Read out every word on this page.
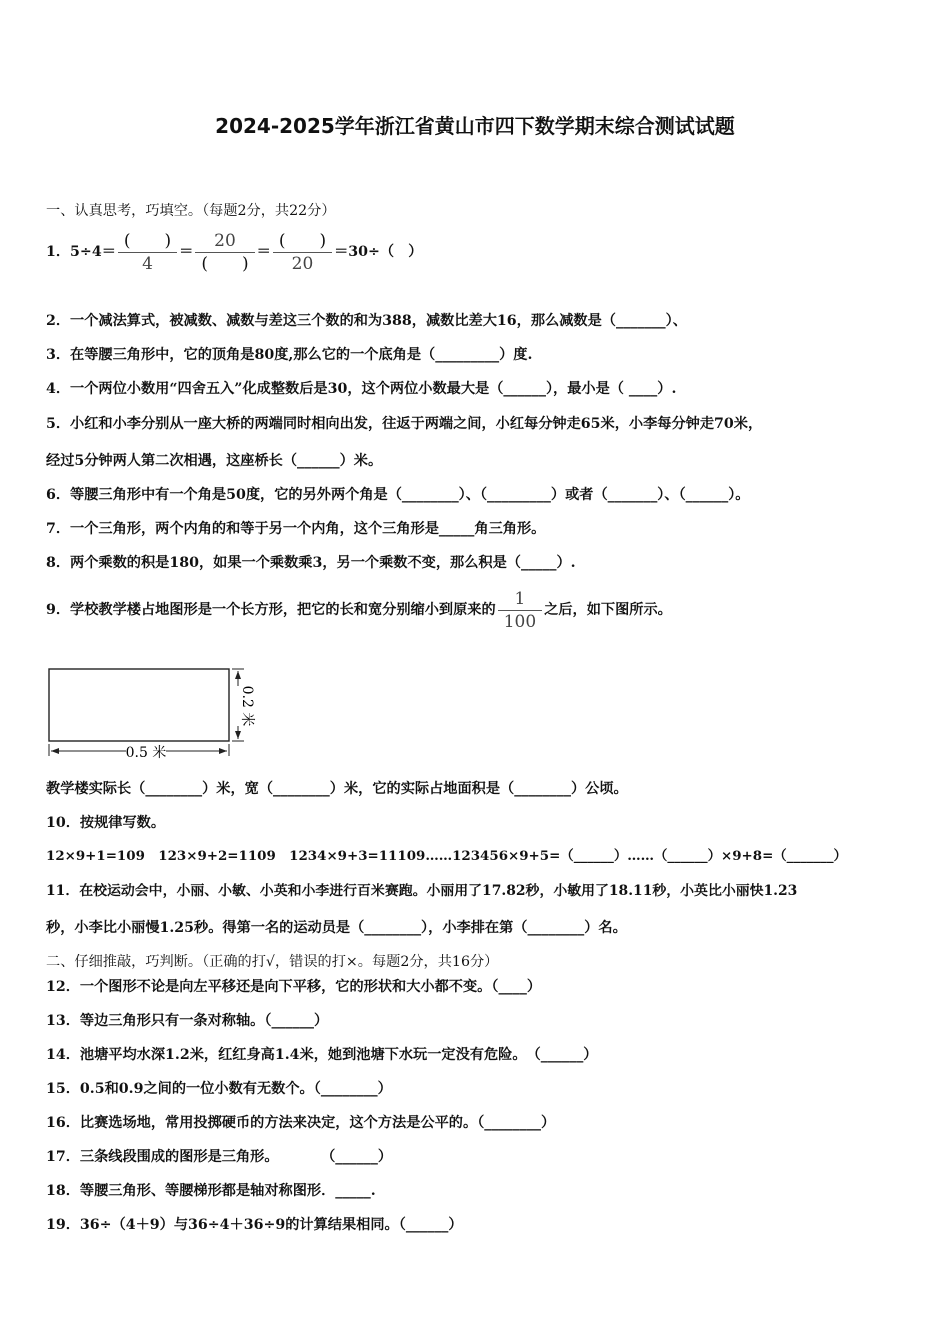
2024-2025学年浙江省黄山市四下数学期末综合测试试题
一、认真思考，巧填空。（每题2分，共22分）
1．$5\div 4= \frac{( )}{4} = \frac{20}{( )} = \frac{( )}{20} =30\div$（　）
2．一个减法算式，被减数、减数与差这三个数的和为388，减数比差大16，那么减数是（_______）、
3．在等腰三角形中，它的顶角是80度,那么它的一个底角是（_________）度.
4．一个两位小数用“四舍五入”化成整数后是30，这个两位小数最大是（______），最小是（ ____）.
5．小红和小李分别从一座大桥的两端同时相向出发，往返于两端之间，小红每分钟走65米，小李每分钟走70米，
经过5分钟两人第二次相遇，这座桥长（______）米。
6．等腰三角形中有一个角是50度，它的另外两个角是（________）、（_________）或者（_______）、（______）。
7．一个三角形，两个内角的和等于另一个内角，这个三角形是_____角三角形。
8．两个乘数的积是180，如果一个乘数乘3，另一个乘数不变，那么积是（_____）.
9．学校教学楼占地图形是一个长方形，把它的长和宽分别缩小到原来的 $\frac{1}{100}$ 之后，如下图所示。
0.5 米
0.2 米
教学楼实际长（________）米，宽（________）米，它的实际占地面积是（________）公顷。
10．按规律写数。
12×9+1=109　123×9+2=1109　1234×9+3=11109……123456×9+5=（______）……（______）×9+8=（_______）
11．在校运动会中，小丽、小敏、小英和小李进行百米赛跑。小丽用了17.82秒，小敏用了18.11秒，小英比小丽快1.23
秒，小李比小丽慢1.25秒。得第一名的运动员是（________），小李排在第（________）名。
二、仔细推敲，巧判断。（正确的打√，错误的打×。每题2分，共16分）
12．一个图形不论是向左平移还是向下平移，它的形状和大小都不变。（____）
13．等边三角形只有一条对称轴。（______）
14．池塘平均水深1.2米，红红身高1.4米，她到池塘下水玩一定没有危险。　（______）
15．0.5和0.9之间的一位小数有无数个。（________）
16．比赛选场地，常用投掷硬币的方法来决定，这个方法是公平的。（________）
17．三条线段围成的图形是三角形。　　　　（______）
18．等腰三角形、等腰梯形都是轴对称图形．_____.
19．36÷（4＋9）与36÷4＋36÷9的计算结果相同。（______）
